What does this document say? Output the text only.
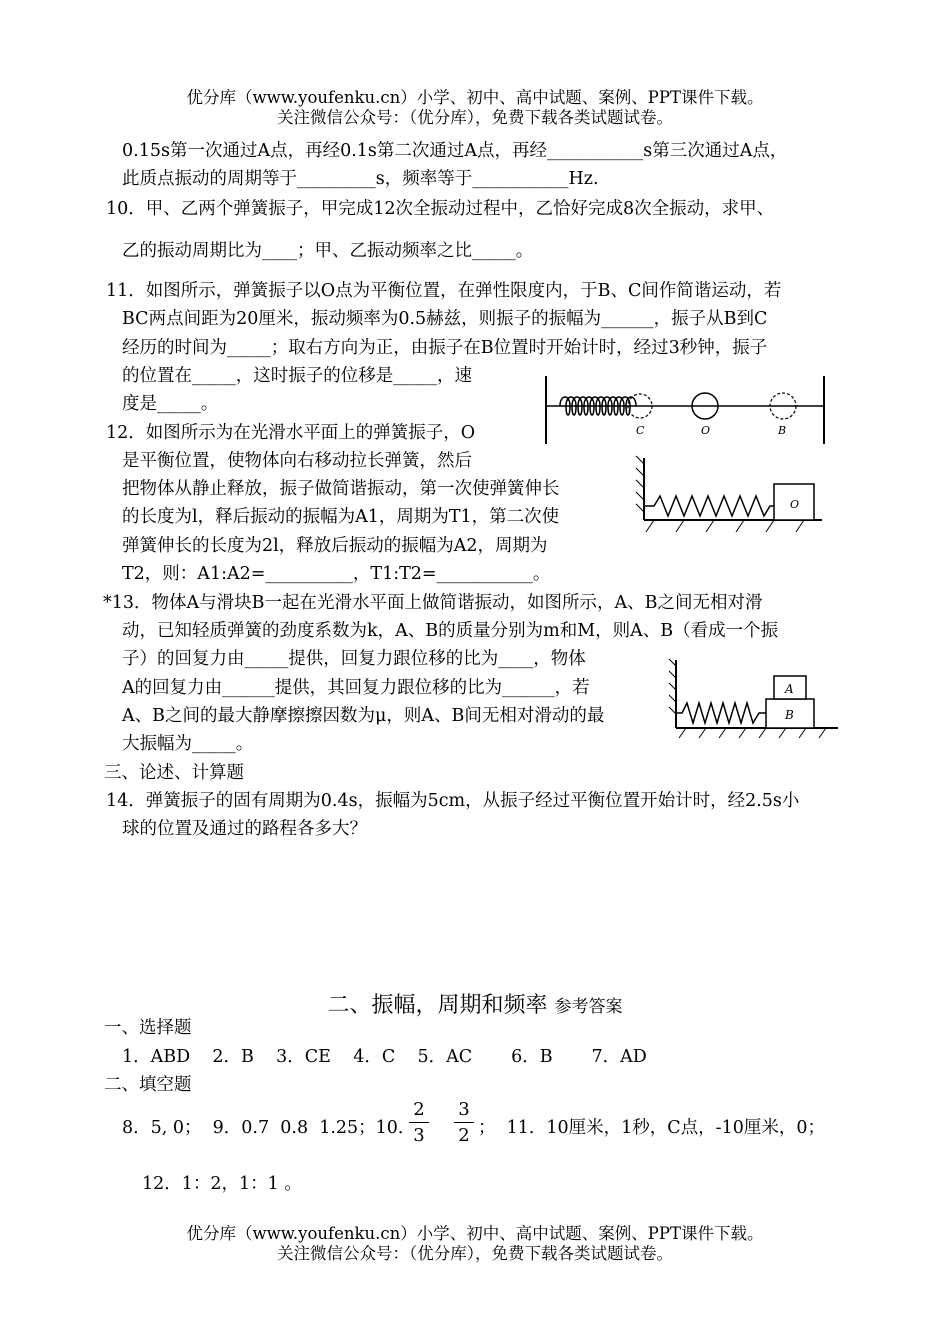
优分库（www.youfenku.cn）小学、初中、高中试题、案例、PPT课件下载。
关注微信公众号：（优分库），免费下载各类试题试卷。
0.15s第一次通过A点，再经0.1s第二次通过A点，再经___________s第三次通过A点，
此质点振动的周期等于_________s，频率等于___________Hz.
10．甲、乙两个弹簧振子，甲完成12次全振动过程中，乙恰好完成8次全振动，求甲、
乙的振动周期比为____；甲、乙振动频率之比_____。
11．如图所示，弹簧振子以O点为平衡位置，在弹性限度内，于B、C间作简谐运动，若
BC两点间距为20厘米，振动频率为0.5赫兹，则振子的振幅为______，振子从B到C
经历的时间为_____；取右方向为正，由振子在B位置时开始计时，经过3秒钟，振子
的位置在_____，这时振子的位移是_____，速
度是_____。
C	O	B
12．如图所示为在光滑水平面上的弹簧振子，O
是平衡位置，使物体向右移动拉长弹簧，然后
把物体从静止释放，振子做简谐振动，第一次使弹簧伸长
的长度为l，释后振动的振幅为A1，周期为T1，第二次使
弹簧伸长的长度为2l，释放后振动的振幅为A2，周期为
T2，则：A1:A2=__________，T1:T2=___________。
O
*13．物体A与滑块B一起在光滑水平面上做简谐振动，如图所示，A、B之间无相对滑
动，已知轻质弹簧的劲度系数为k，A、B的质量分别为m和M，则A、B（看成一个振
子）的回复力由_____提供，回复力跟位移的比为____，物体
A的回复力由______提供，其回复力跟位移的比为______，若
A、B之间的最大静摩擦擦因数为μ，则A、B间无相对滑动的最
大振幅为_____。
A
B
三、论述、计算题
14．弹簧振子的固有周期为0.4s，振幅为5cm，从振子经过平衡位置开始计时，经2.5s小
球的位置及通过的路程各多大？
二、振幅，周期和频率 参考答案
一、选择题
1．ABD    2．B    3．CE    4．C    5．AC       6．B       7．AD
二、填空题
8．5, 0；  9．0.7  0.8  1.25；10．
2
3
3
2 ；  11．10厘米，1秒，C点，-10厘米，0；
12．1：2，1：1 。
优分库（www.youfenku.cn）小学、初中、高中试题、案例、PPT课件下载。
关注微信公众号：（优分库），免费下载各类试题试卷。
